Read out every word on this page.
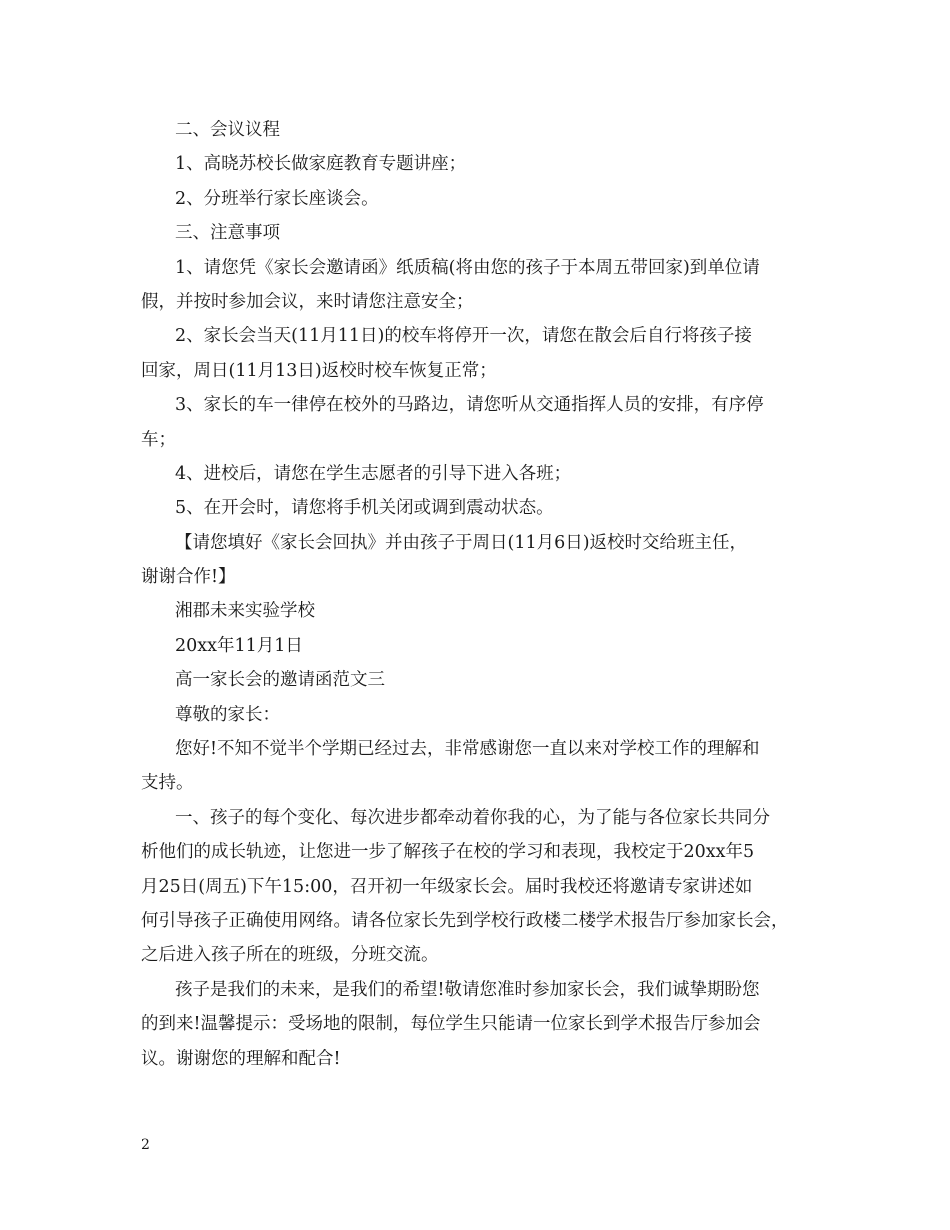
二、会议议程

1、高晓苏校长做家庭教育专题讲座；

2、分班举行家长座谈会。

三、注意事项

1、请您凭《家长会邀请函》纸质稿(将由您的孩子于本周五带回家)到单位请

假，并按时参加会议，来时请您注意安全；

2、家长会当天(11月11日)的校车将停开一次，请您在散会后自行将孩子接

回家，周日(11月13日)返校时校车恢复正常；

3、家长的车一律停在校外的马路边，请您听从交通指挥人员的安排，有序停

车；

4、进校后，请您在学生志愿者的引导下进入各班；

5、在开会时，请您将手机关闭或调到震动状态。

【请您填好《家长会回执》并由孩子于周日(11月6日)返校时交给班主任，

谢谢合作!】

湘郡未来实验学校

20xx年11月1日

高一家长会的邀请函范文三

尊敬的家长：

您好!不知不觉半个学期已经过去，非常感谢您一直以来对学校工作的理解和

支持。

一、孩子的每个变化、每次进步都牵动着你我的心，为了能与各位家长共同分

析他们的成长轨迹，让您进一步了解孩子在校的学习和表现，我校定于20xx年5

月25日(周五)下午15:00，召开初一年级家长会。届时我校还将邀请专家讲述如

何引导孩子正确使用网络。请各位家长先到学校行政楼二楼学术报告厅参加家长会，

之后进入孩子所在的班级，分班交流。

孩子是我们的未来，是我们的希望!敬请您准时参加家长会，我们诚挚期盼您

的到来!温馨提示：受场地的限制，每位学生只能请一位家长到学术报告厅参加会

议。谢谢您的理解和配合!

2
